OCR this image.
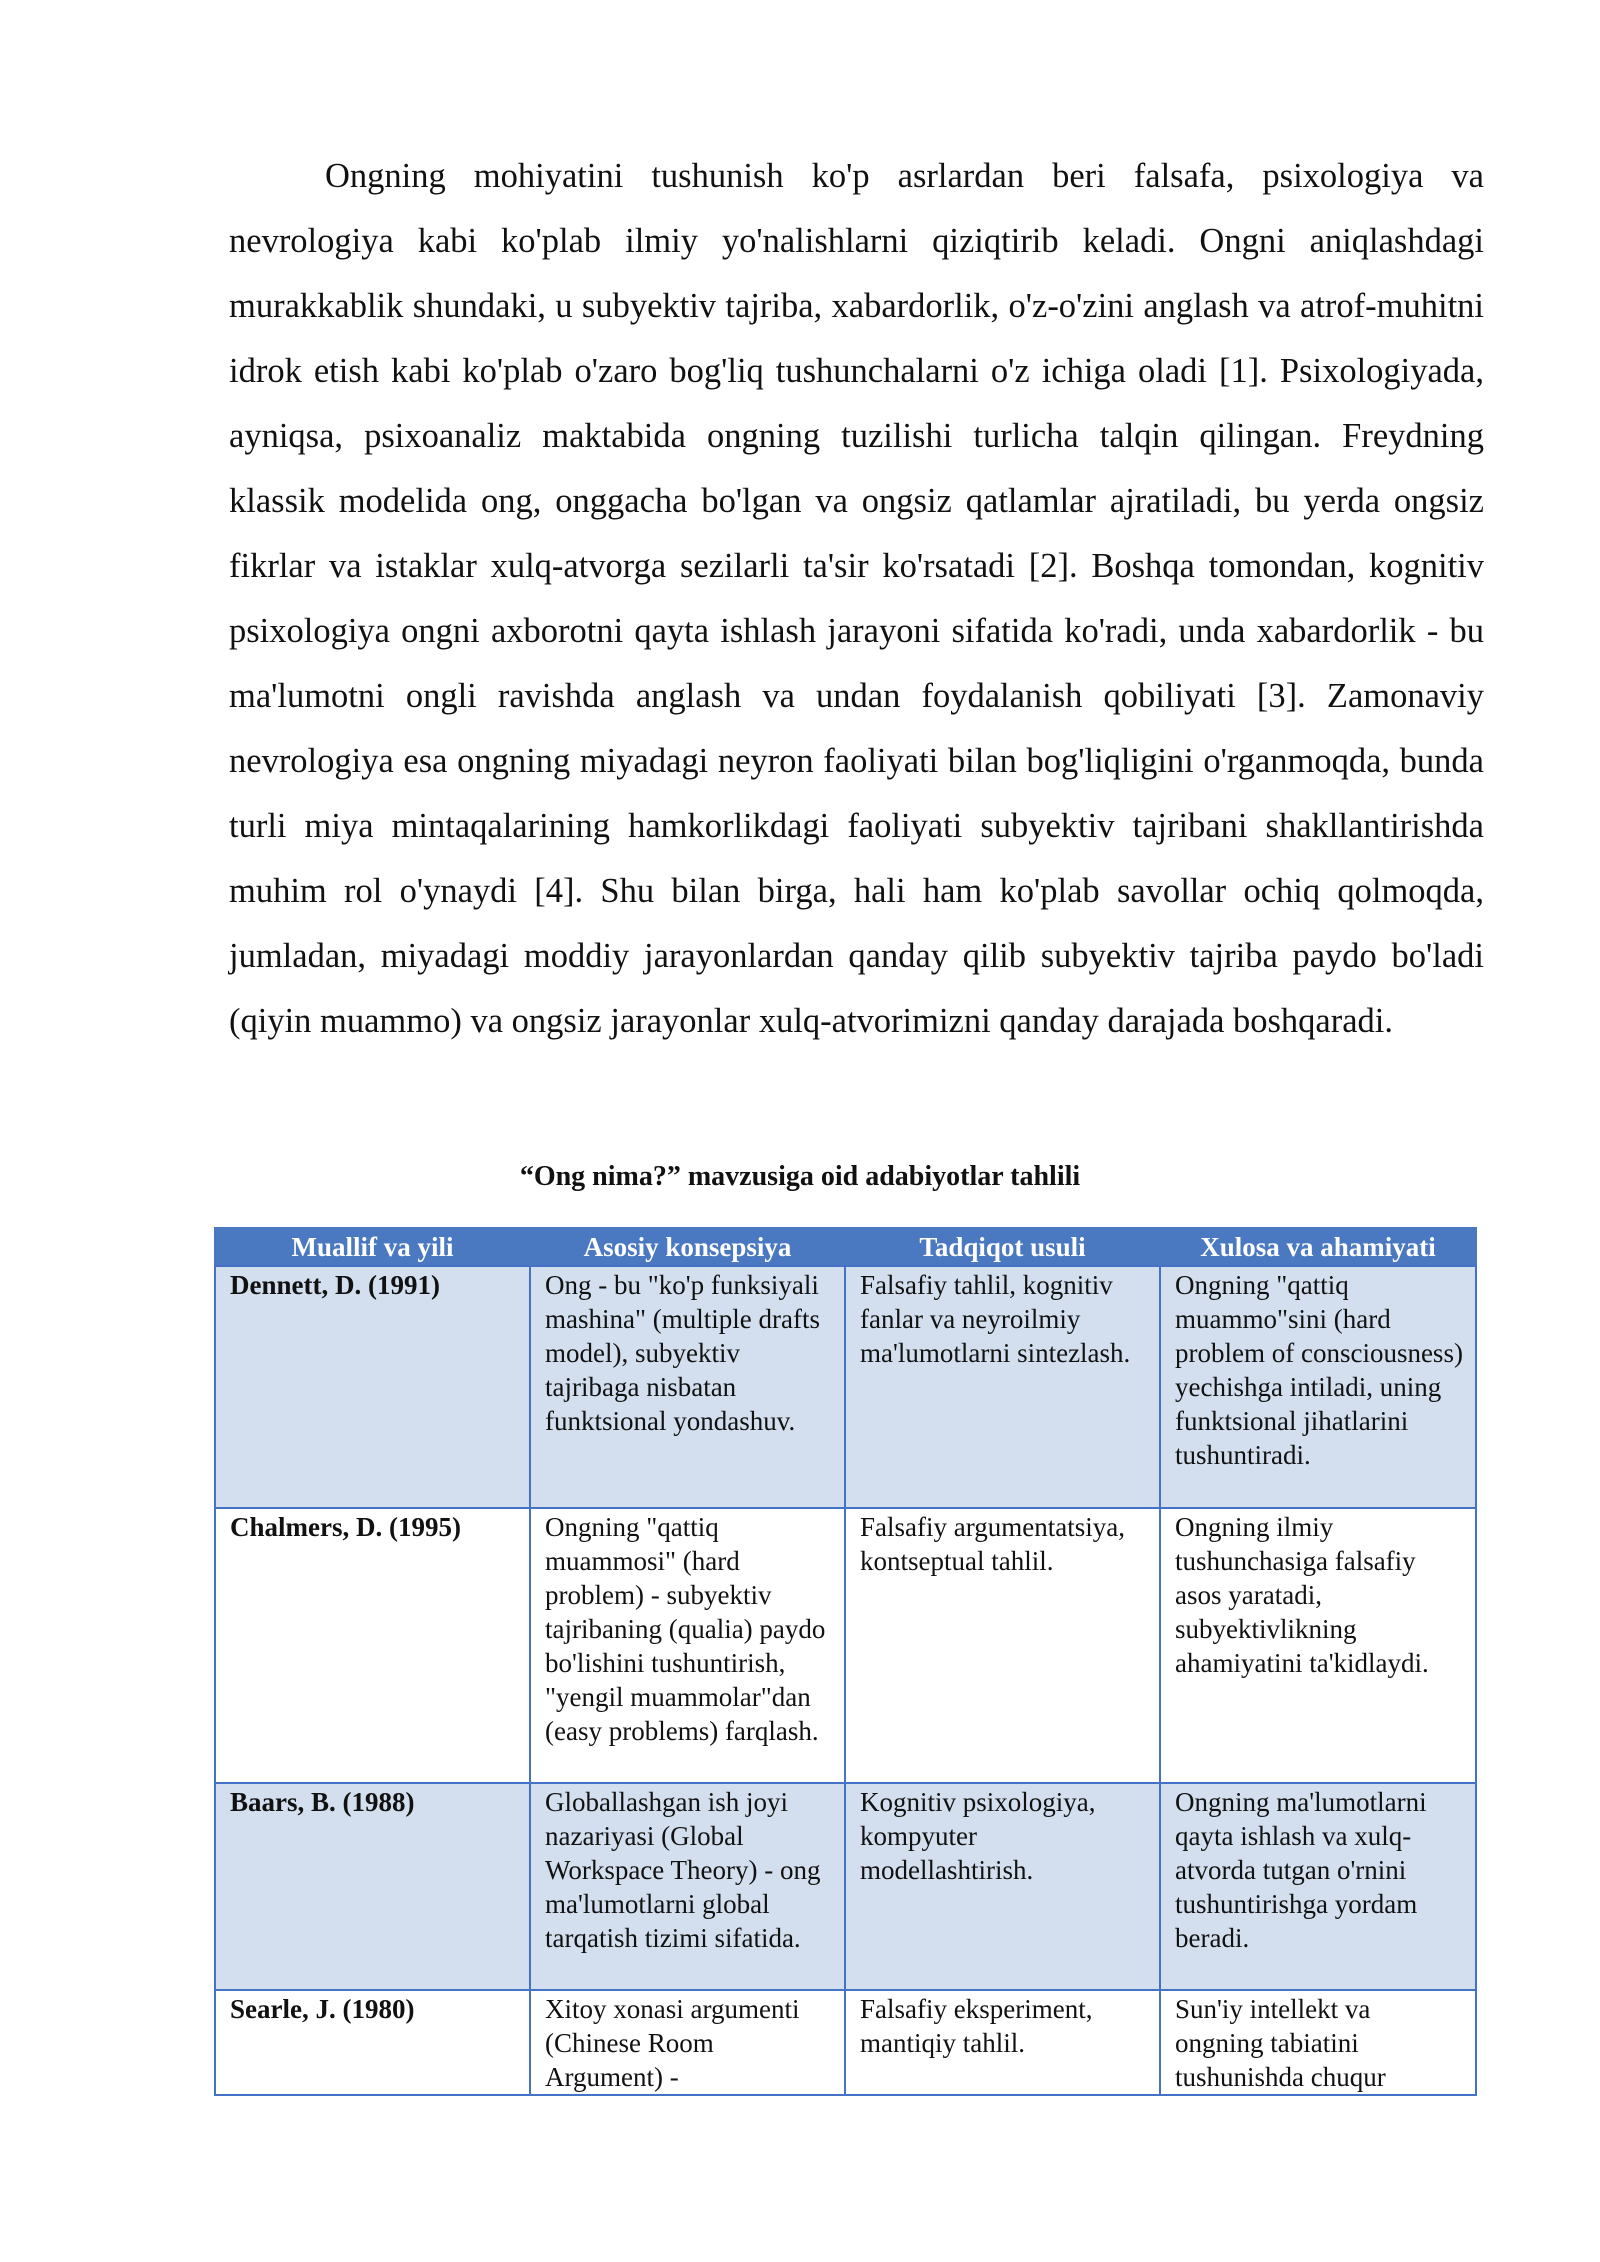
Ongning mohiyatini tushunish ko'p asrlardan beri falsafa, psixologiya va nevrologiya kabi ko'plab ilmiy yo'nalishlarni qiziqtirib keladi. Ongni aniqlashdagi murakkablik shundaki, u subyektiv tajriba, xabardorlik, o'z-o'zini anglash va atrof-muhitni idrok etish kabi ko'plab o'zaro bog'liq tushunchalarni o'z ichiga oladi [1]. Psixologiyada, ayniqsa, psixoanaliz maktabida ongning tuzilishi turlicha talqin qilingan. Freydning klassik modelida ong, onggacha bo'lgan va ongsiz qatlamlar ajratiladi, bu yerda ongsiz fikrlar va istaklar xulq-atvorga sezilarli ta'sir ko'rsatadi [2]. Boshqa tomondan, kognitiv psixologiya ongni axborotni qayta ishlash jarayoni sifatida ko'radi, unda xabardorlik - bu ma'lumotni ongli ravishda anglash va undan foydalanish qobiliyati [3]. Zamonaviy nevrologiya esa ongning miyadagi neyron faoliyati bilan bog'liqligini o'rganmoqda, bunda turli miya mintaqalarining hamkorlikdagi faoliyati subyektiv tajribani shakllantirishda muhim rol o'ynaydi [4]. Shu bilan birga, hali ham ko'plab savollar ochiq qolmoqda, jumladan, miyadagi moddiy jarayonlardan qanday qilib subyektiv tajriba paydo bo'ladi (qiyin muammo) va ongsiz jarayonlar xulq-atvorimizni qanday darajada boshqaradi.

“Ong nima?” mavzusiga oid adabiyotlar tahlili

Muallif va yili	Asosiy konsepsiya	Tadqiqot usuli	Xulosa va ahamiyati
Dennett, D. (1991)	Ong - bu "ko'p funksiyali mashina" (multiple drafts model), subyektiv tajribaga nisbatan funktsional yondashuv.	Falsafiy tahlil, kognitiv fanlar va neyroilmiy ma'lumotlarni sintezlash.	Ongning "qattiq muammo"sini (hard problem of consciousness) yechishga intiladi, uning funktsional jihatlarini tushuntiradi.
Chalmers, D. (1995)	Ongning "qattiq muammosi" (hard problem) - subyektiv tajribaning (qualia) paydo bo'lishini tushuntirish, "yengil muammolar"dan (easy problems) farqlash.	Falsafiy argumentatsiya, kontseptual tahlil.	Ongning ilmiy tushunchasiga falsafiy asos yaratadi, subyektivlikning ahamiyatini ta'kidlaydi.
Baars, B. (1988)	Globallashgan ish joyi nazariyasi (Global Workspace Theory) - ong ma'lumotlarni global tarqatish tizimi sifatida.	Kognitiv psixologiya, kompyuter modellashtirish.	Ongning ma'lumotlarni qayta ishlash va xulq-atvorda tutgan o'rnini tushuntirishga yordam beradi.
Searle, J. (1980)	Xitoy xonasi argumenti (Chinese Room Argument) -	Falsafiy eksperiment, mantiqiy tahlil.	Sun'iy intellekt va ongning tabiatini tushunishda chuqur
